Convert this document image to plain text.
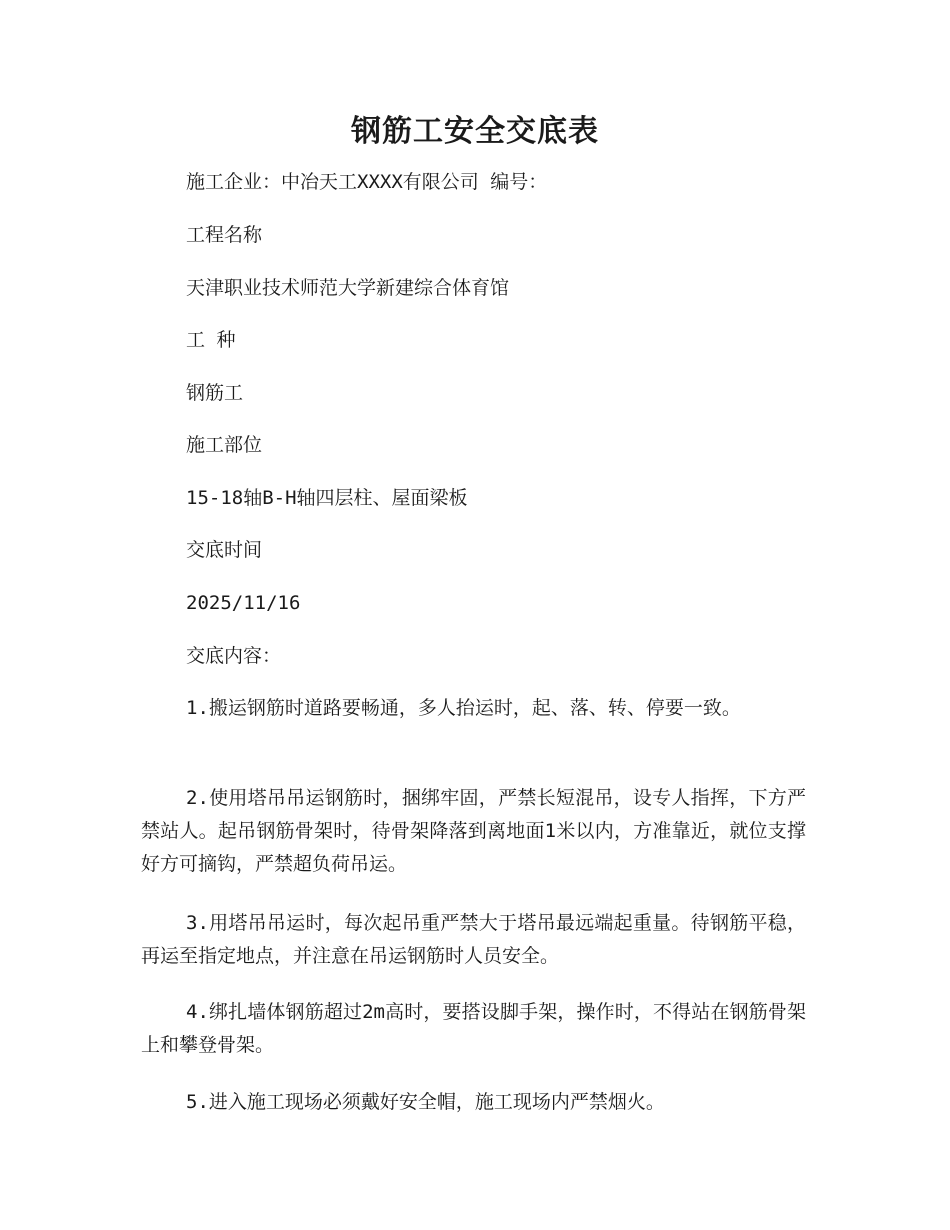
钢筋工安全交底表

施工企业：中冶天工XXXX有限公司 编号：

工程名称

天津职业技术师范大学新建综合体育馆

工 种

钢筋工

施工部位

15-18轴B-H轴四层柱、屋面梁板

交底时间

2025/11/16

交底内容：

1.搬运钢筋时道路要畅通，多人抬运时，起、落、转、停要一致。

2.使用塔吊吊运钢筋时，捆绑牢固，严禁长短混吊，设专人指挥，下方严禁站人。起吊钢筋骨架时，待骨架降落到离地面1米以内，方准靠近，就位支撑好方可摘钩，严禁超负荷吊运。

3.用塔吊吊运时，每次起吊重严禁大于塔吊最远端起重量。待钢筋平稳，再运至指定地点，并注意在吊运钢筋时人员安全。

4.绑扎墙体钢筋超过2m高时，要搭设脚手架，操作时，不得站在钢筋骨架上和攀登骨架。

5.进入施工现场必须戴好安全帽，施工现场内严禁烟火。
